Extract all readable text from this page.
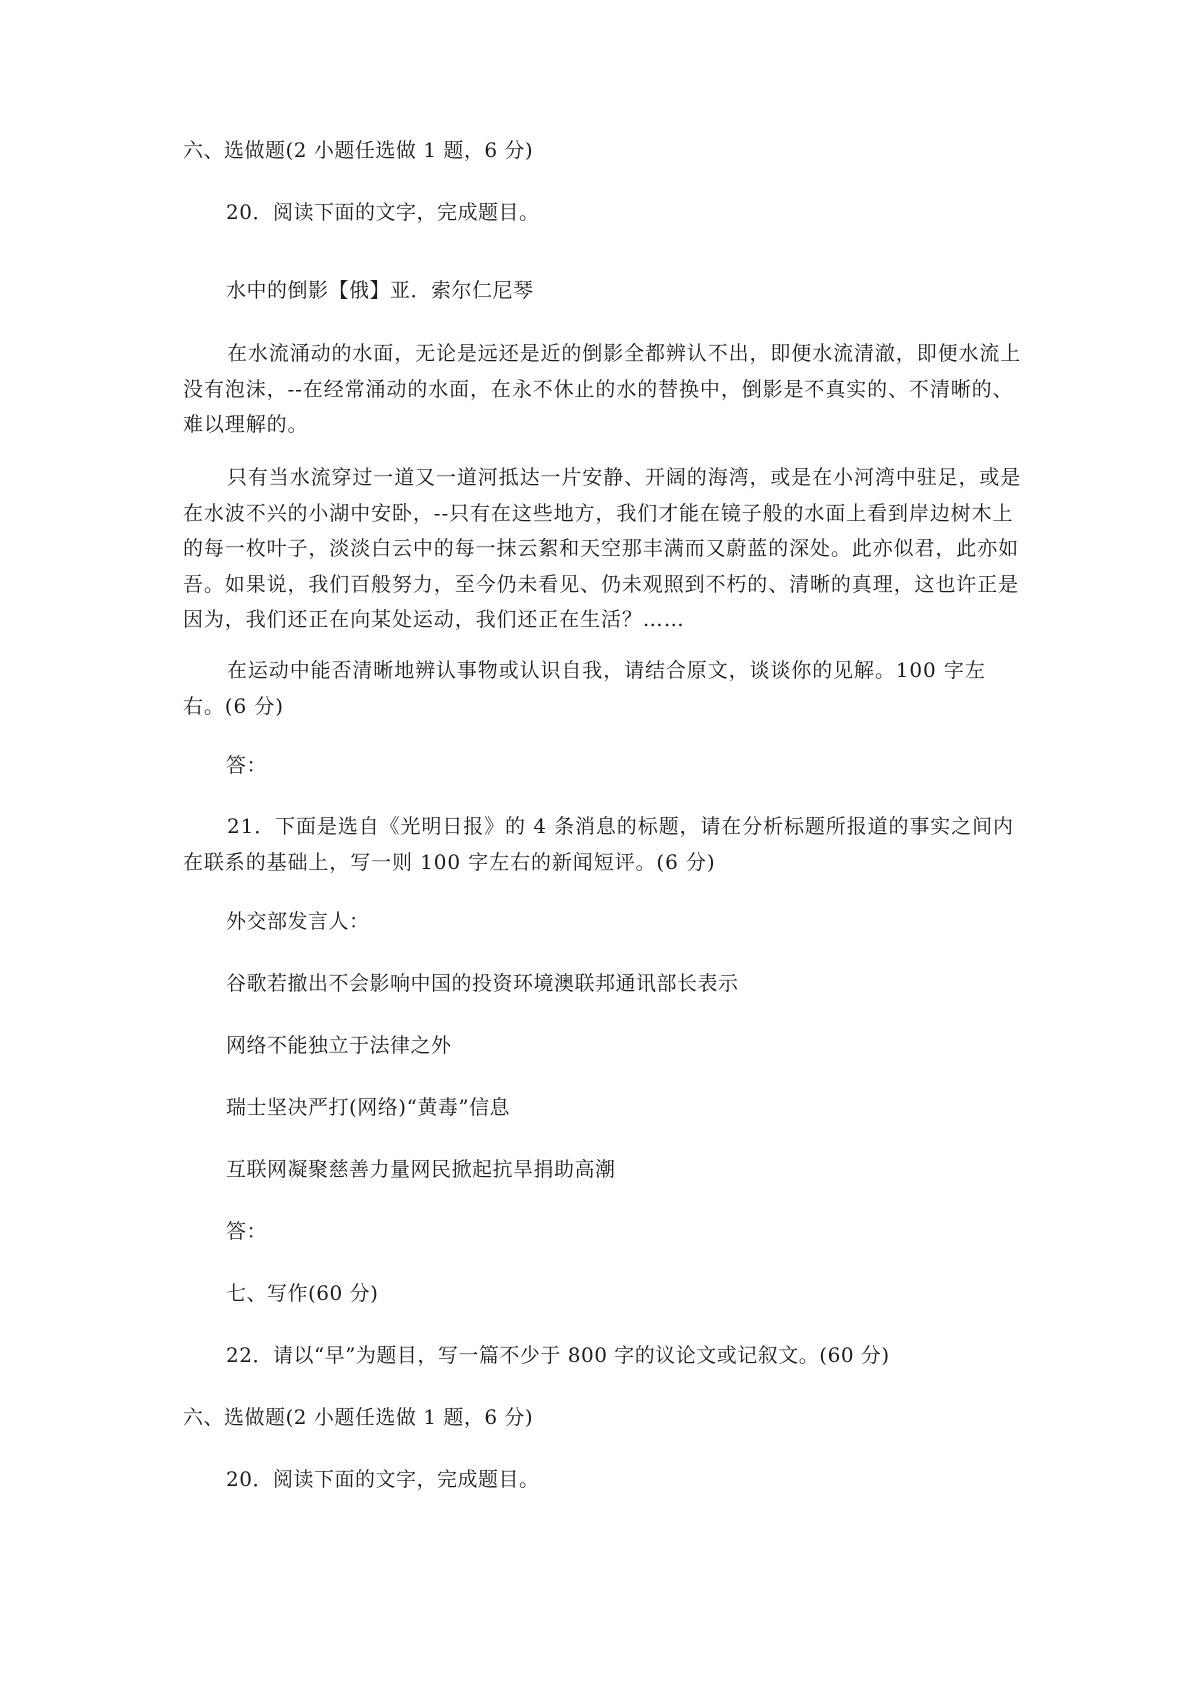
六、选做题(2 小题任选做 1 题，6 分)
20．阅读下面的文字，完成题目。
水中的倒影【俄】亚．索尔仁尼琴
在水流涌动的水面，无论是远还是近的倒影全都辨认不出，即便水流清澈，即便水流上没有泡沫，--在经常涌动的水面，在永不休止的水的替换中，倒影是不真实的、不清晰的、难以理解的。
只有当水流穿过一道又一道河抵达一片安静、开阔的海湾，或是在小河湾中驻足，或是在水波不兴的小湖中安卧，--只有在这些地方，我们才能在镜子般的水面上看到岸边树木上的每一枚叶子，淡淡白云中的每一抹云絮和天空那丰满而又蔚蓝的深处。此亦似君，此亦如吾。如果说，我们百般努力，至今仍未看见、仍未观照到不朽的、清晰的真理，这也许正是因为，我们还正在向某处运动，我们还正在生活？……
在运动中能否清晰地辨认事物或认识自我，请结合原文，谈谈你的见解。100 字左右。(6 分)
答：
21．下面是选自《光明日报》的 4 条消息的标题，请在分析标题所报道的事实之间内在联系的基础上，写一则 100 字左右的新闻短评。(6 分)
外交部发言人：
谷歌若撤出不会影响中国的投资环境澳联邦通讯部长表示
网络不能独立于法律之外
瑞士坚决严打(网络)“黄毒”信息
互联网凝聚慈善力量网民掀起抗旱捐助高潮
答：
七、写作(60 分)
22．请以“早”为题目，写一篇不少于 800 字的议论文或记叙文。(60 分)
六、选做题(2 小题任选做 1 题，6 分)
20．阅读下面的文字，完成题目。
